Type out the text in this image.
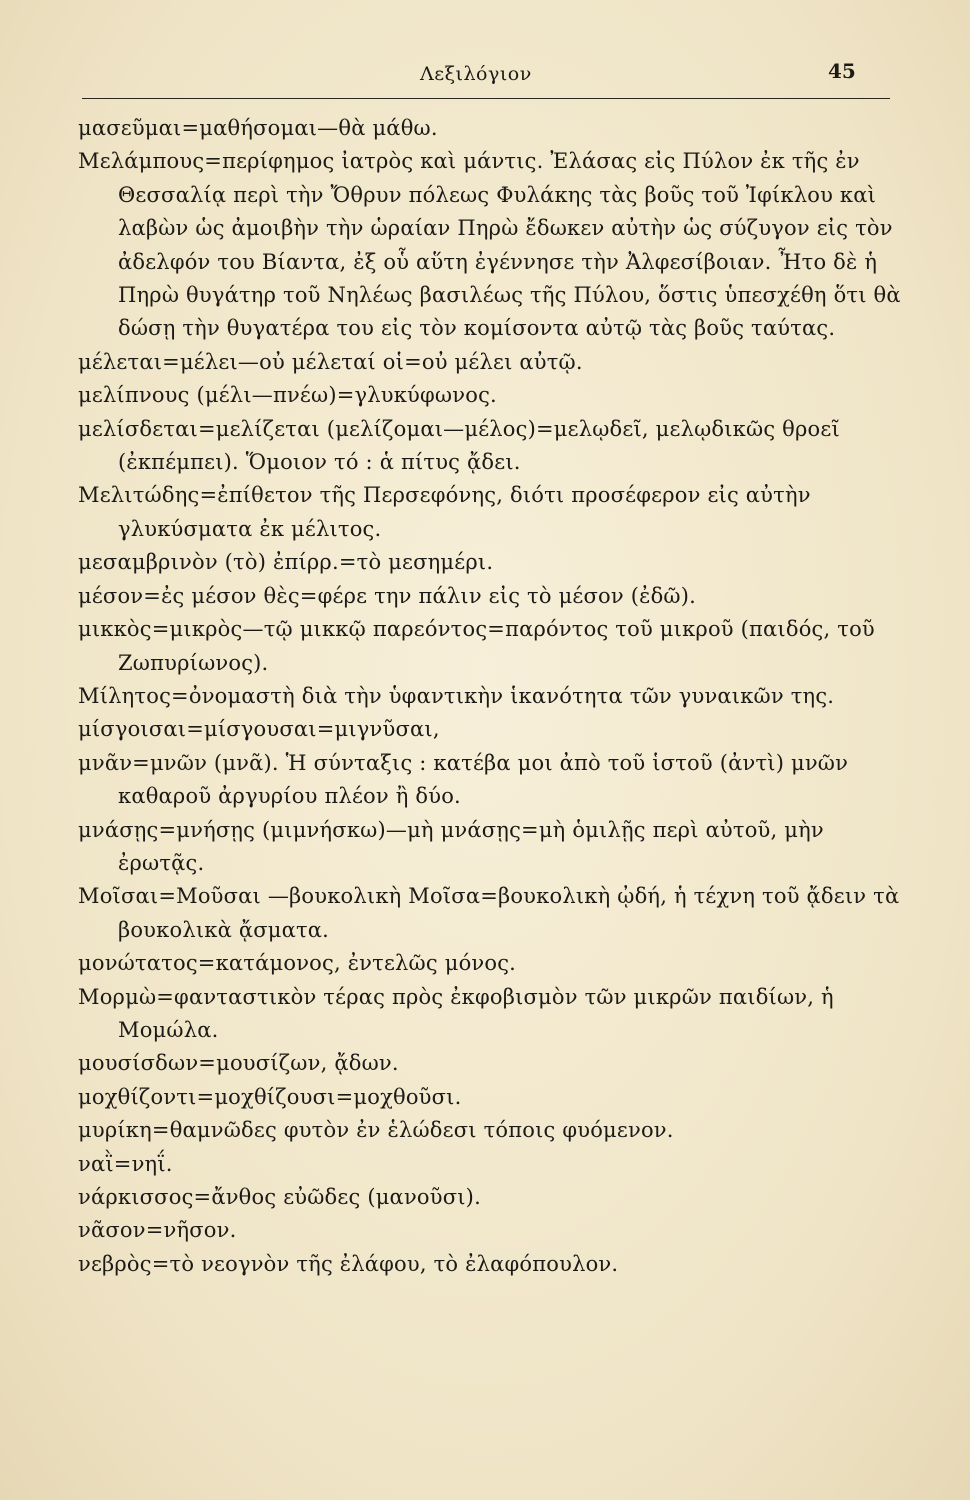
Λεξιλόγιον	45
μασεῦμαι=μαθήσομαι—θὰ μάθω.
Μελάμπους=περίφημος ἰατρὸς καὶ μάντις. Ἐλάσας εἰς Πύλον ἐκ τῆς ἐν Θεσσαλίᾳ περὶ τὴν Ὄθρυν πόλεως Φυλάκης τὰς βοῦς τοῦ Ἰφίκλου καὶ λαβὼν ὡς ἀμοιβὴν τὴν ὡραίαν Πηρὼ ἔδωκεν αὐτὴν ὡς σύζυγον εἰς τὸν ἀδελφόν του Βίαντα, ἐξ οὗ αὕτη ἐγέννησε τὴν Ἀλφεσίβοιαν. Ἦτο δὲ ἡ Πηρὼ θυγάτηρ τοῦ Νηλέως βασιλέως τῆς Πύλου, ὅστις ὑπεσχέθη ὅτι θὰ δώσῃ τὴν θυγατέρα του εἰς τὸν κομίσοντα αὐτῷ τὰς βοῦς ταύτας.
μέλεται=μέλει—οὐ μέλεταί οἱ=οὐ μέλει αὐτῷ.
μελίπνους (μέλι—πνέω)=γλυκύφωνος.
μελίσδεται=μελίζεται (μελίζομαι—μέλος)=μελῳδεῖ, μελῳδικῶς θροεῖ (ἐκπέμπει). Ὅμοιον τό : ἁ πίτυς ᾄδει.
Μελιτώδης=ἐπίθετον τῆς Περσεφόνης, διότι προσέφερον εἰς αὐτὴν γλυκύσματα ἐκ μέλιτος.
μεσαμβρινὸν (τὸ) ἐπίρρ.=τὸ μεσημέρι.
μέσον=ἐς μέσον θὲς=φέρε την πάλιν εἰς τὸ μέσον (ἐδῶ).
μικκὸς=μικρὸς—τῷ μικκῷ παρεόντος=παρόντος τοῦ μικροῦ (παιδός, τοῦ Ζωπυρίωνος).
Μίλητος=ὀνομαστὴ διὰ τὴν ὑφαντικὴν ἱκανότητα τῶν γυναικῶν της.
μίσγοισαι=μίσγουσαι=μιγνῦσαι,
μνᾶν=μνῶν (μνᾶ). Ἡ σύνταξις : κατέβα μοι ἀπὸ τοῦ ἱστοῦ (ἀντὶ) μνῶν καθαροῦ ἀργυρίου πλέον ἢ δύο.
μνάσῃς=μνήσῃς (μιμνήσκω)—μὴ μνάσῃς=μὴ ὁμιλῇς περὶ αὐτοῦ, μὴν ἐρωτᾷς.
Μοῖσαι=Μοῦσαι —βουκολικὴ Μοῖσα=βουκολικὴ ᾠδή, ἡ τέχνη τοῦ ᾄδειν τὰ βουκολικὰ ᾄσματα.
μονώτατος=κατάμονος, ἐντελῶς μόνος.
Μορμὼ=φανταστικὸν τέρας πρὸς ἐκφοβισμὸν τῶν μικρῶν παιδίων, ἡ Μομώλα.
μουσίσδων=μουσίζων, ᾄδων.
μοχθίζοντι=μοχθίζουσι=μοχθοῦσι.
μυρίκη=θαμνῶδες φυτὸν ἐν ἑλώδεσι τόποις φυόμενον.
ναῒ=νηΐ.
νάρκισσος=ἄνθος εὐῶδες (μανοῦσι).
νᾶσον=νῆσον.
νεβρὸς=τὸ νεογνὸν τῆς ἐλάφου, τὸ ἐλαφόπουλον.
